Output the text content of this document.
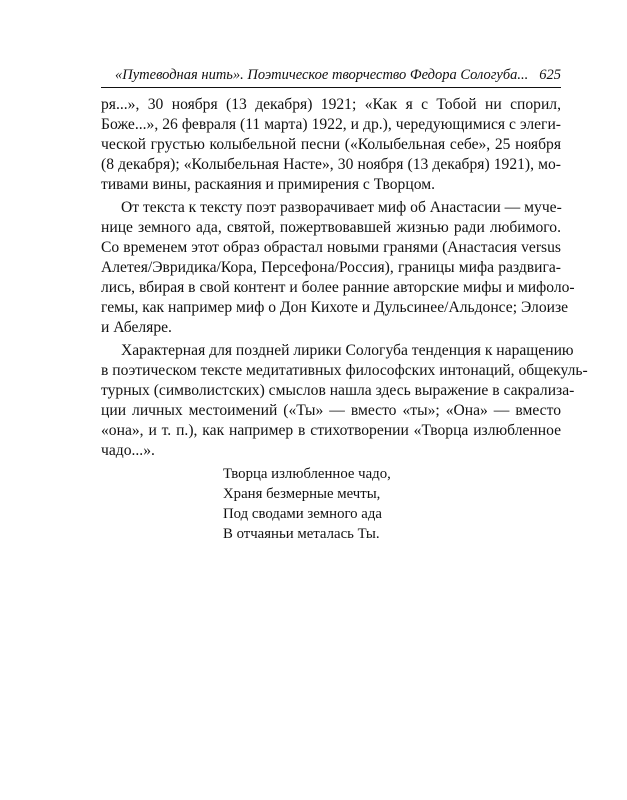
«Путеводная нить». Поэтическое творчество Федора Сологуба... 625
ря...», 30 ноября (13 декабря) 1921; «Как я с Тобой ни спорил,
Боже...», 26 февраля (11 марта) 1922, и др.), чередующимися с элеги-
ческой грустью колыбельной песни («Колыбельная себе», 25 ноября
(8 декабря); «Колыбельная Насте», 30 ноября (13 декабря) 1921), мо-
тивами вины, раскаяния и примирения с Творцом.
От текста к тексту поэт разворачивает миф об Анастасии — муче-
нице земного ада, святой, пожертвовавшей жизнью ради любимого.
Со временем этот образ обрастал новыми гранями (Анастасия versus
Алетея/Эвридика/Кора, Персефона/Россия), границы мифа раздвига-
лись, вбирая в свой контент и более ранние авторские мифы и мифоло-
гемы, как например миф о Дон Кихоте и Дульсинее/Альдонсе; Элоизе
и Абеляре.
Характерная для поздней лирики Сологуба тенденция к наращению
в поэтическом тексте медитативных философских интонаций, общекуль-
турных (символистских) смыслов нашла здесь выражение в сакрализа-
ции личных местоимений («Ты» — вместо «ты»; «Она» — вместо
«она», и т. п.), как например в стихотворении «Творца излюбленное
чадо...».
Творца излюбленное чадо,
Храня безмерные мечты,
Под сводами земного ада
В отчаяньи металась Ты.
